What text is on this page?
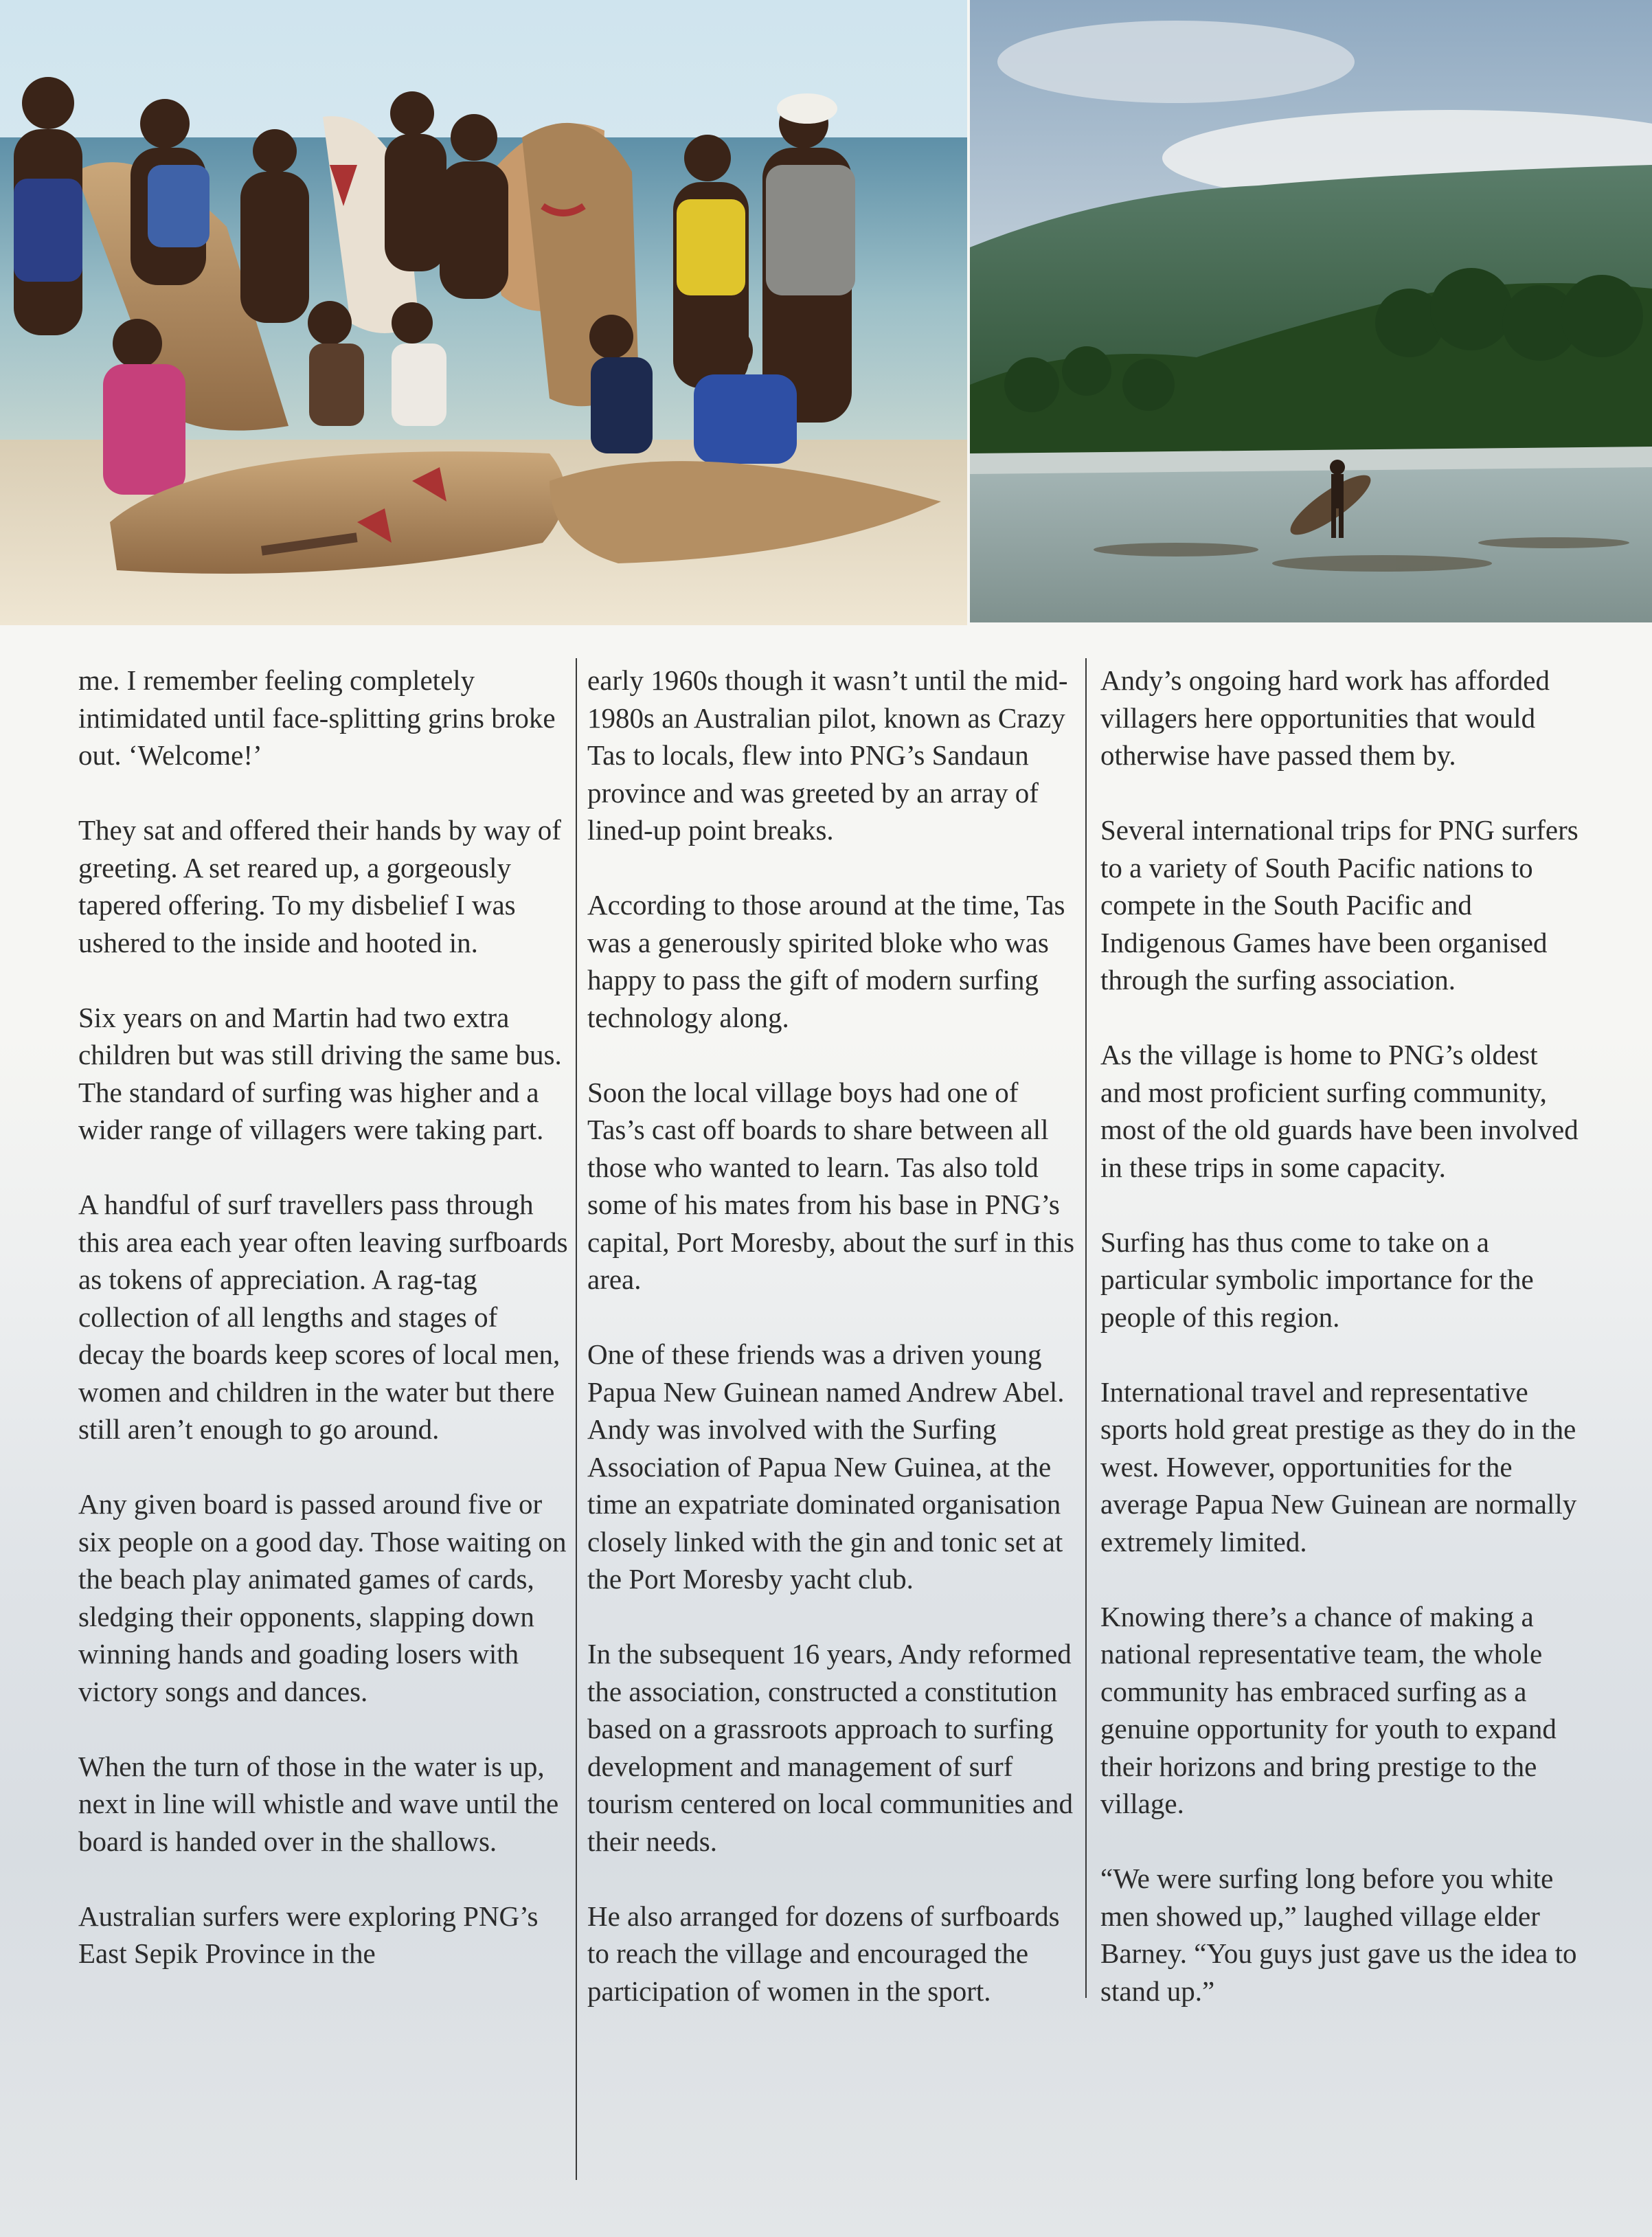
me. I remember feeling completely intimidated until face-splitting grins broke out. ‘Welcome!’

They sat and offered their hands by way of greeting. A set reared up, a gorgeously tapered offering. To my disbelief I was ushered to the inside and hooted in.

Six years on and Martin had two extra children but was still driving the same bus. The standard of surfing was higher and a wider range of villagers were taking part.

A handful of surf travellers pass through this area each year often leaving surfboards as tokens of appreciation. A rag-tag collection of all lengths and stages of decay the boards keep scores of local men, women and children in the water but there still aren’t enough to go around.

Any given board is passed around five or six people on a good day. Those waiting on the beach play animated games of cards, sledging their opponents, slapping down winning hands and goading losers with victory songs and dances.

When the turn of those in the water is up, next in line will whistle and wave until the board is handed over in the shallows.

Australian surfers were exploring PNG’s East Sepik Province in the

early 1960s though it wasn’t until the mid-1980s an Australian pilot, known as Crazy Tas to locals, flew into PNG’s Sandaun province and was greeted by an array of lined-up point breaks.

According to those around at the time, Tas was a generously spirited bloke who was happy to pass the gift of modern surfing technology along.

Soon the local village boys had one of Tas’s cast off boards to share between all those who wanted to learn. Tas also told some of his mates from his base in PNG’s capital, Port Moresby, about the surf in this area.

One of these friends was a driven young Papua New Guinean named Andrew Abel. Andy was involved with the Surfing Association of Papua New Guinea, at the time an expatriate dominated organisation closely linked with the gin and tonic set at the Port Moresby yacht club.

In the subsequent 16 years, Andy reformed the association, constructed a constitution based on a grassroots approach to surfing development and management of surf tourism centered on local communities and their needs.

He also arranged for dozens of surfboards to reach the village and encouraged the participation of women in the sport.

Andy’s ongoing hard work has afforded villagers here opportunities that would otherwise have passed them by.

Several international trips for PNG surfers to a variety of South Pacific nations to compete in the South Pacific and Indigenous Games have been organised through the surfing association.

As the village is home to PNG’s oldest and most proficient surfing community, most of the old guards have been involved in these trips in some capacity.

Surfing has thus come to take on a particular symbolic importance for the people of this region.

International travel and representative sports hold great prestige as they do in the west. However, opportunities for the average Papua New Guinean are normally extremely limited.

Knowing there’s a chance of making a national representative team, the whole community has embraced surfing as a genuine opportunity for youth to expand their horizons and bring prestige to the village.

“We were surfing long before you white men showed up,” laughed village elder Barney. “You guys just gave us the idea to stand up.”
